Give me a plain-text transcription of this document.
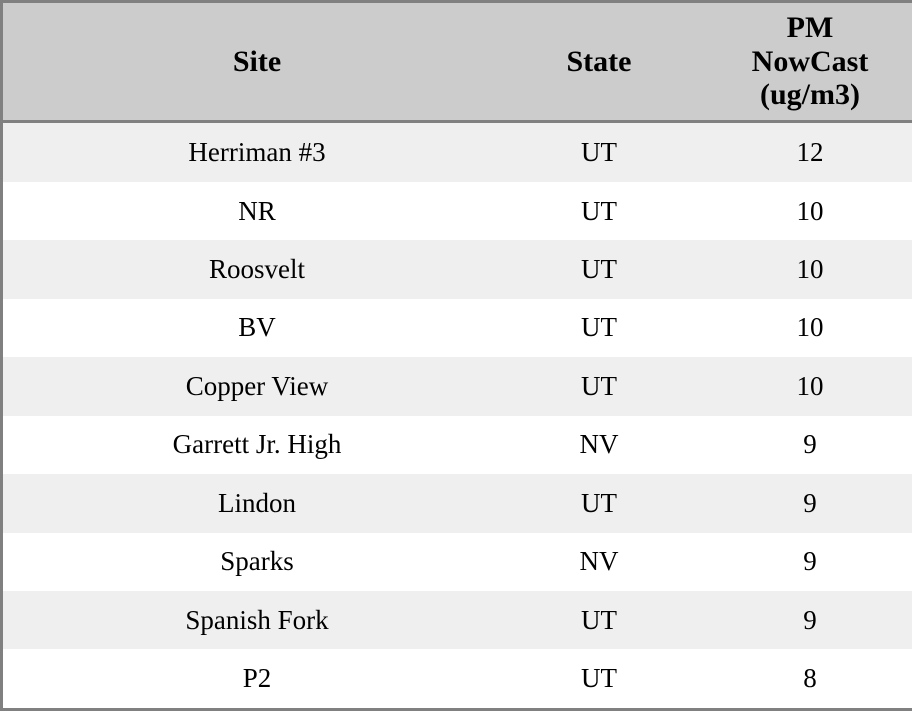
Site	State	PM
NowCast
(ug/m3)

Herriman #3	UT	12
NR	UT	10
Roosvelt	UT	10
BV	UT	10
Copper View	UT	10
Garrett Jr. High	NV	9
Lindon	UT	9
Sparks	NV	9
Spanish Fork	UT	9
P2	UT	8
